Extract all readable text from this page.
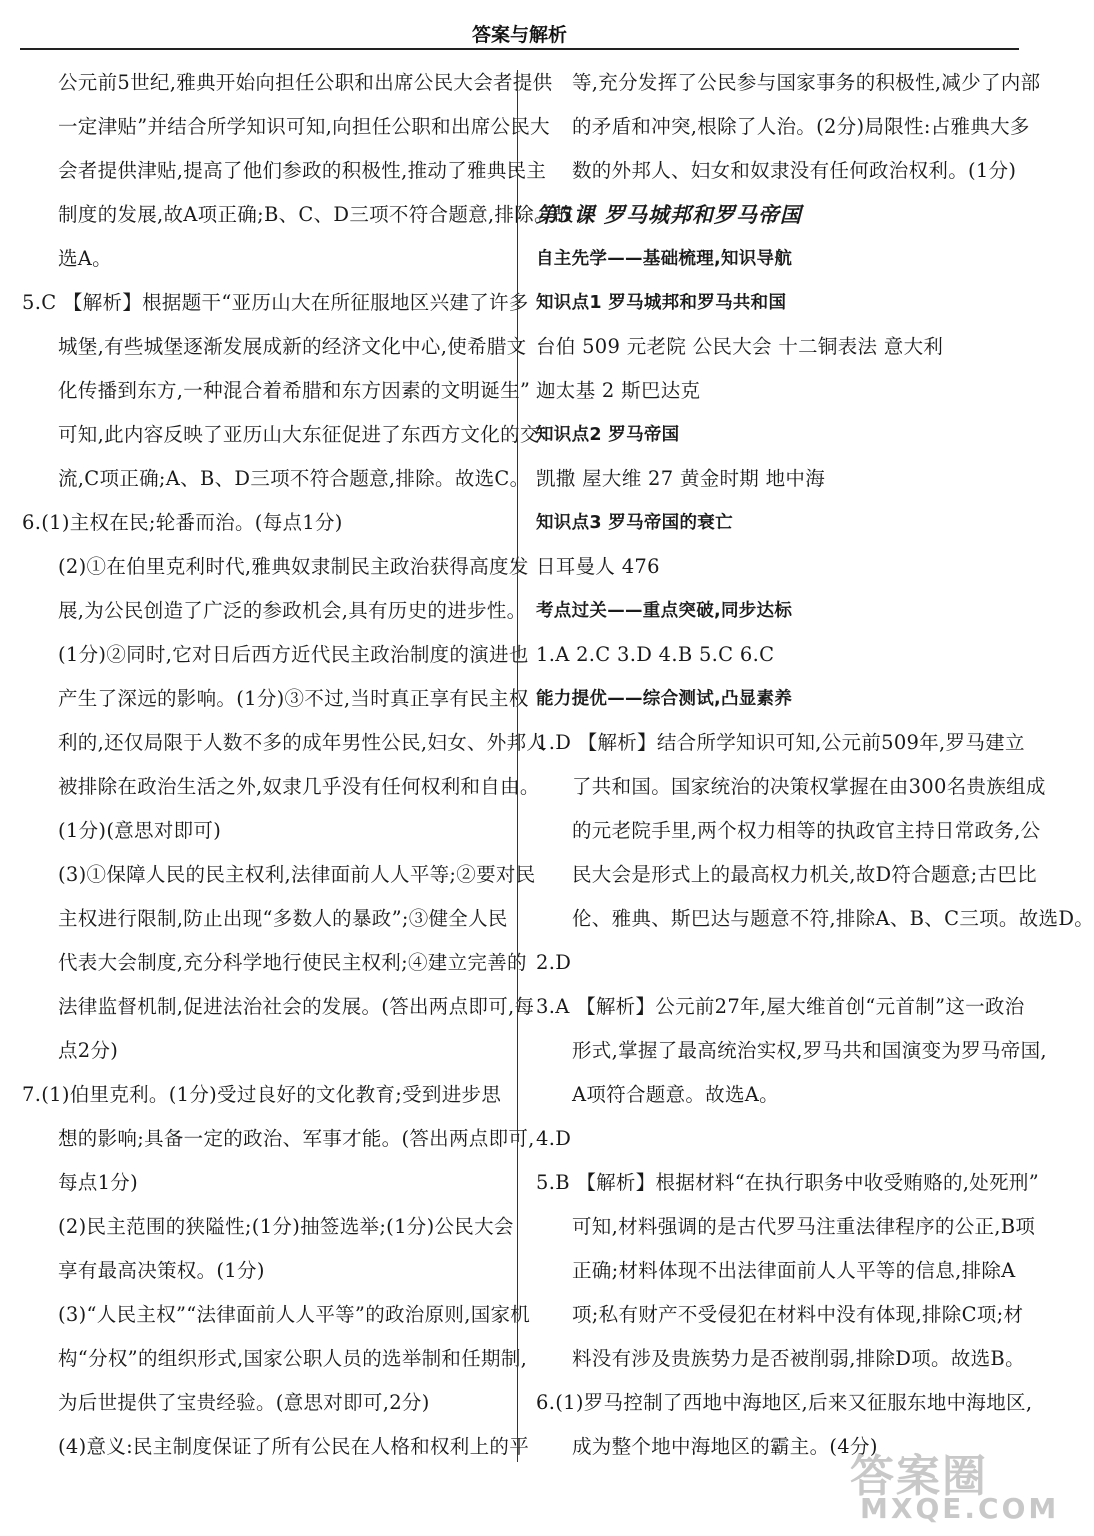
答案与解析
公元前5世纪,雅典开始向担任公职和出席公民大会者提供
一定津贴”并结合所学知识可知,向担任公职和出席公民大
会者提供津贴,提高了他们参政的积极性,推动了雅典民主
制度的发展,故A项正确;B、C、D三项不符合题意,排除。故
选A。
5.C 【解析】根据题干“亚历山大在所征服地区兴建了许多
城堡,有些城堡逐渐发展成新的经济文化中心,使希腊文
化传播到东方,一种混合着希腊和东方因素的文明诞生”
可知,此内容反映了亚历山大东征促进了东西方文化的交
流,C项正确;A、B、D三项不符合题意,排除。故选C。
6.(1)主权在民;轮番而治。(每点1分)
(2)①在伯里克利时代,雅典奴隶制民主政治获得高度发
展,为公民创造了广泛的参政机会,具有历史的进步性。
(1分)②同时,它对日后西方近代民主政治制度的演进也
产生了深远的影响。(1分)③不过,当时真正享有民主权
利的,还仅局限于人数不多的成年男性公民,妇女、外邦人
被排除在政治生活之外,奴隶几乎没有任何权利和自由。
(1分)(意思对即可)
(3)①保障人民的民主权利,法律面前人人平等;②要对民
主权进行限制,防止出现“多数人的暴政”;③健全人民
代表大会制度,充分科学地行使民主权利;④建立完善的
法律监督机制,促进法治社会的发展。(答出两点即可,每
点2分)
7.(1)伯里克利。(1分)受过良好的文化教育;受到进步思
想的影响;具备一定的政治、军事才能。(答出两点即可,
每点1分)
(2)民主范围的狭隘性;(1分)抽签选举;(1分)公民大会
享有最高决策权。(1分)
(3)“人民主权”“法律面前人人平等”的政治原则,国家机
构“分权”的组织形式,国家公职人员的选举制和任期制,
为后世提供了宝贵经验。(意思对即可,2分)
(4)意义:民主制度保证了所有公民在人格和权利上的平
等,充分发挥了公民参与国家事务的积极性,减少了内部
的矛盾和冲突,根除了人治。(2分)局限性:占雅典大多
数的外邦人、妇女和奴隶没有任何政治权利。(1分)
第5课 罗马城邦和罗马帝国
自主先学——基础梳理,知识导航
知识点1 罗马城邦和罗马共和国
台伯 509 元老院 公民大会 十二铜表法 意大利
迦太基 2 斯巴达克
知识点2 罗马帝国
凯撒 屋大维 27 黄金时期 地中海
知识点3 罗马帝国的衰亡
日耳曼人 476
考点过关——重点突破,同步达标
1.A 2.C 3.D 4.B 5.C 6.C
能力提优——综合测试,凸显素养
1.D 【解析】结合所学知识可知,公元前509年,罗马建立
了共和国。国家统治的决策权掌握在由300名贵族组成
的元老院手里,两个权力相等的执政官主持日常政务,公
民大会是形式上的最高权力机关,故D符合题意;古巴比
伦、雅典、斯巴达与题意不符,排除A、B、C三项。故选D。
2.D
3.A 【解析】公元前27年,屋大维首创“元首制”这一政治
形式,掌握了最高统治实权,罗马共和国演变为罗马帝国,
A项符合题意。故选A。
4.D
5.B 【解析】根据材料“在执行职务中收受贿赂的,处死刑”
可知,材料强调的是古代罗马注重法律程序的公正,B项
正确;材料体现不出法律面前人人平等的信息,排除A
项;私有财产不受侵犯在材料中没有体现,排除C项;材
料没有涉及贵族势力是否被削弱,排除D项。故选B。
6.(1)罗马控制了西地中海地区,后来又征服东地中海地区,
成为整个地中海地区的霸主。(4分)
答案圈
MXQE.COM
